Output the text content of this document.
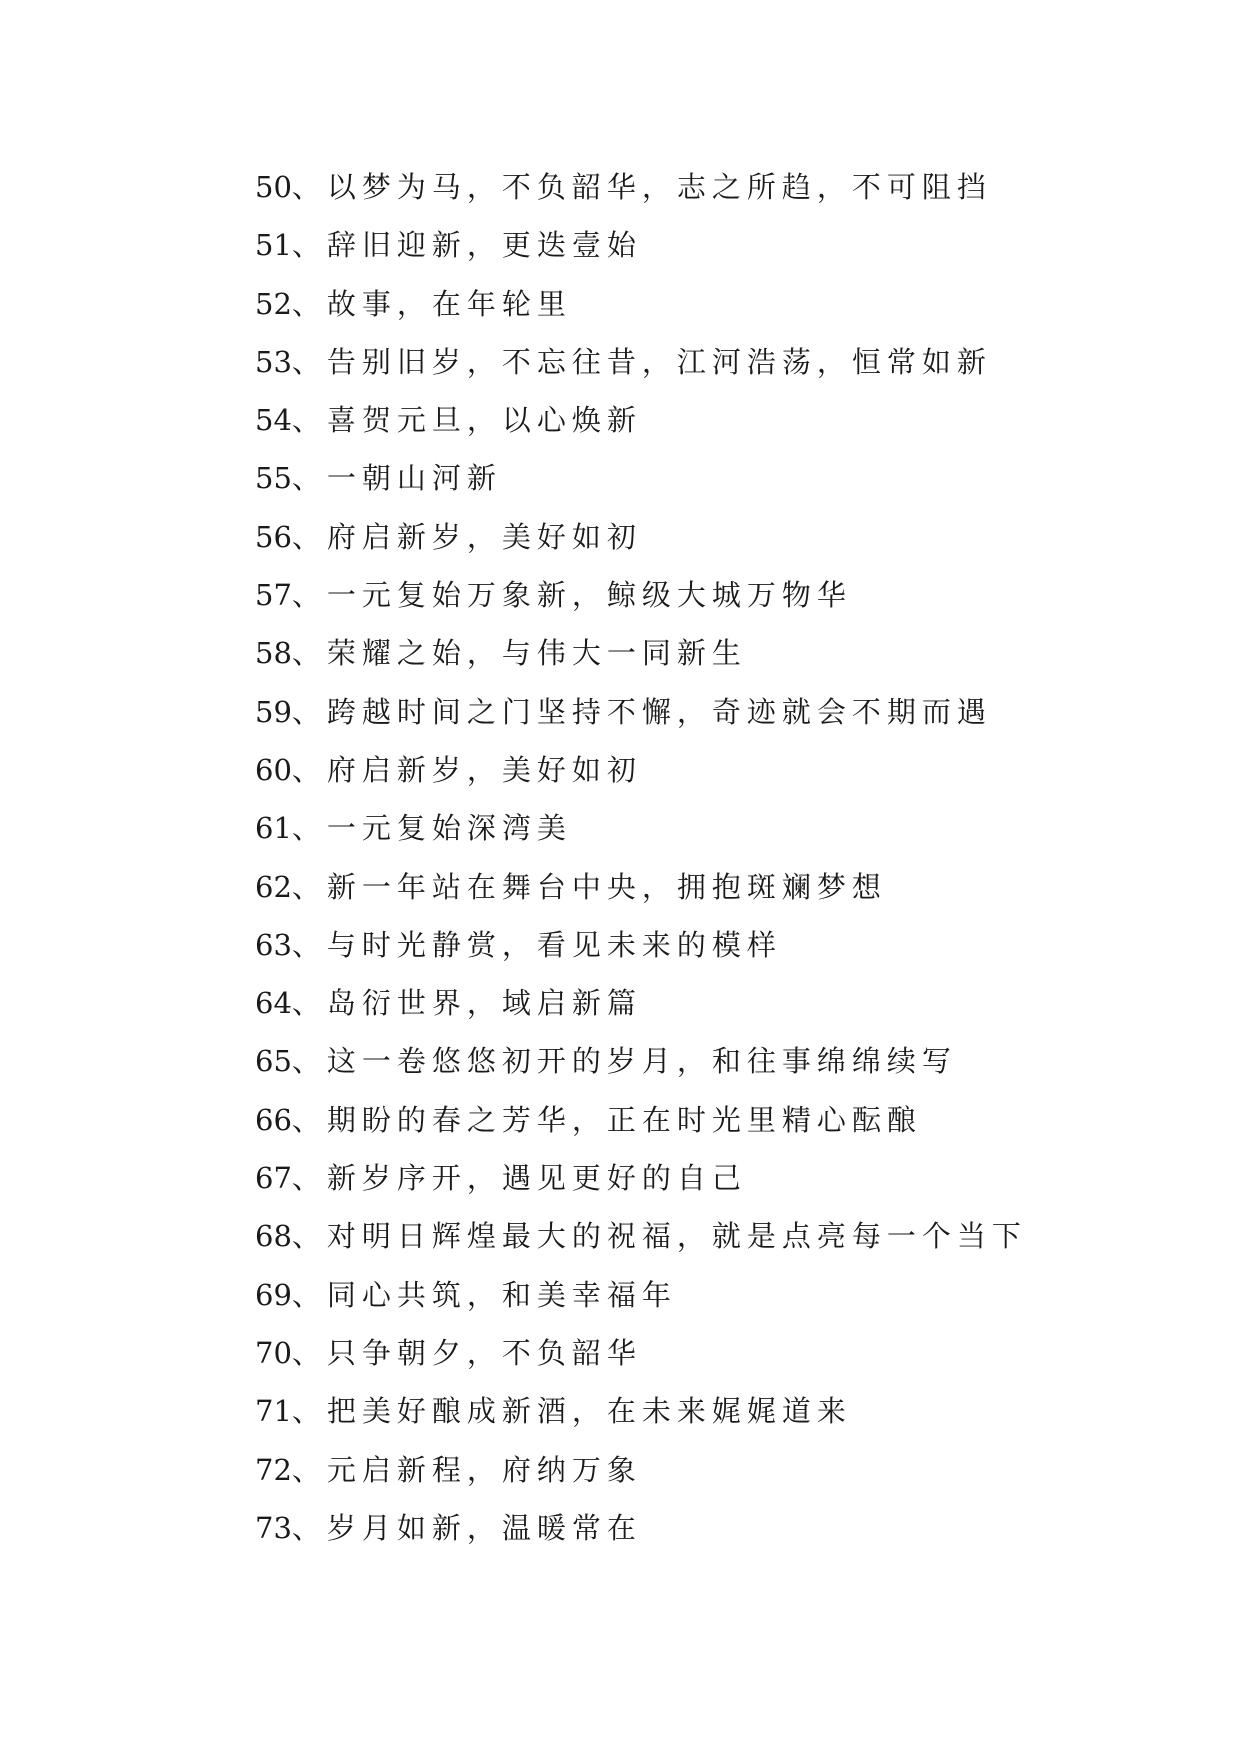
50、以梦为马，不负韶华，志之所趋，不可阻挡
51、辞旧迎新，更迭壹始
52、故事，在年轮里
53、告别旧岁，不忘往昔，江河浩荡，恒常如新
54、喜贺元旦，以心焕新
55、一朝山河新
56、府启新岁，美好如初
57、一元复始万象新，鲸级大城万物华
58、荣耀之始，与伟大一同新生
59、跨越时间之门坚持不懈，奇迹就会不期而遇
60、府启新岁，美好如初
61、一元复始深湾美
62、新一年站在舞台中央，拥抱斑斓梦想
63、与时光静赏，看见未来的模样
64、岛衍世界，域启新篇
65、这一卷悠悠初开的岁月，和往事绵绵续写
66、期盼的春之芳华，正在时光里精心酝酿
67、新岁序开，遇见更好的自己
68、对明日辉煌最大的祝福，就是点亮每一个当下
69、同心共筑，和美幸福年
70、只争朝夕，不负韶华
71、把美好酿成新酒，在未来娓娓道来
72、元启新程，府纳万象
73、岁月如新，温暖常在
